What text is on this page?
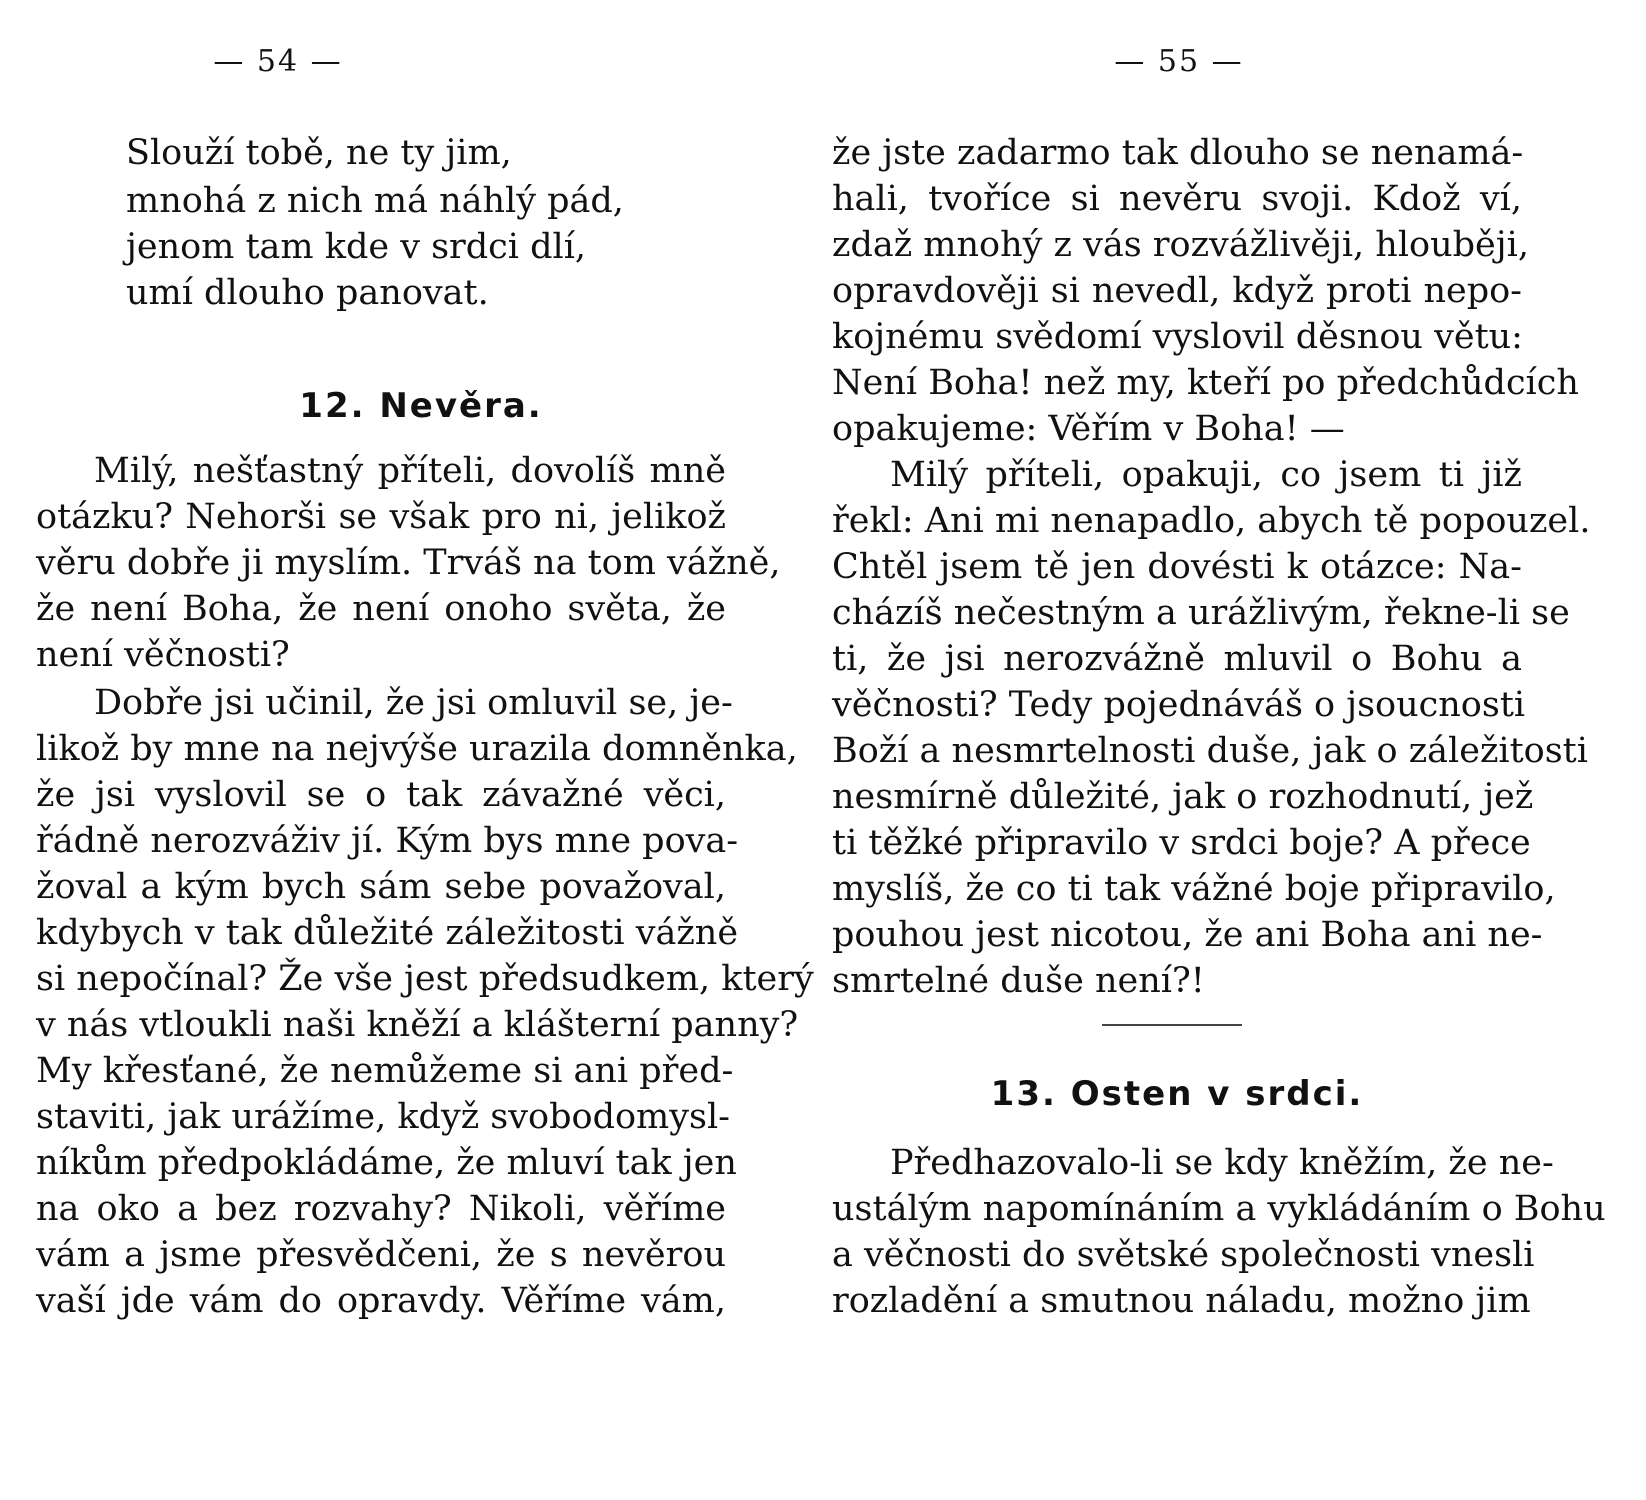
— 54 —
Slouží tobě, ne ty jim,
mnohá z nich má náhlý pád,
jenom tam kde v srdci dlí,
umí dlouho panovat.
12. Nevěra.
Milý, nešťastný příteli, dovolíš mně
otázku? Nehorši se však pro ni, jelikož
věru dobře ji myslím. Trváš na tom vážně,
že není Boha, že není onoho světa, že
není věčnosti?
Dobře jsi učinil, že jsi omluvil se, je-
likož by mne na nejvýše urazila domněnka,
že jsi vyslovil se o tak závažné věci,
řádně nerozváživ jí. Kým bys mne pova-
žoval a kým bych sám sebe považoval,
kdybych v tak důležité záležitosti vážně
si nepočínal? Že vše jest předsudkem, který
v nás vtloukli naši kněží a klášterní panny?
My křesťané, že nemůžeme si ani před-
staviti, jak urážíme, když svobodomysl-
níkům předpokládáme, že mluví tak jen
na oko a bez rozvahy? Nikoli, věříme
vám a jsme přesvědčeni, že s nevěrou
vaší jde vám do opravdy. Věříme vám,
— 55 —
že jste zadarmo tak dlouho se nenamá-
hali, tvoříce si nevěru svoji. Kdož ví,
zdaž mnohý z vás rozvážlivěji, hlouběji,
opravdověji si nevedl, když proti nepo-
kojnému svědomí vyslovil děsnou větu:
Není Boha! než my, kteří po předchůdcích
opakujeme: Věřím v Boha! —
Milý příteli, opakuji, co jsem ti již
řekl: Ani mi nenapadlo, abych tě popouzel.
Chtěl jsem tě jen dovésti k otázce: Na-
cházíš nečestným a urážlivým, řekne-li se
ti, že jsi nerozvážně mluvil o Bohu a
věčnosti? Tedy pojednáváš o jsoucnosti
Boží a nesmrtelnosti duše, jak o záležitosti
nesmírně důležité, jak o rozhodnutí, jež
ti těžké připravilo v srdci boje? A přece
myslíš, že co ti tak vážné boje připravilo,
pouhou jest nicotou, že ani Boha ani ne-
smrtelné duše není?!
13. Osten v srdci.
Předhazovalo-li se kdy kněžím, že ne-
ustálým napomínáním a vykládáním o Bohu
a věčnosti do světské společnosti vnesli
rozladění a smutnou náladu, možno jim
